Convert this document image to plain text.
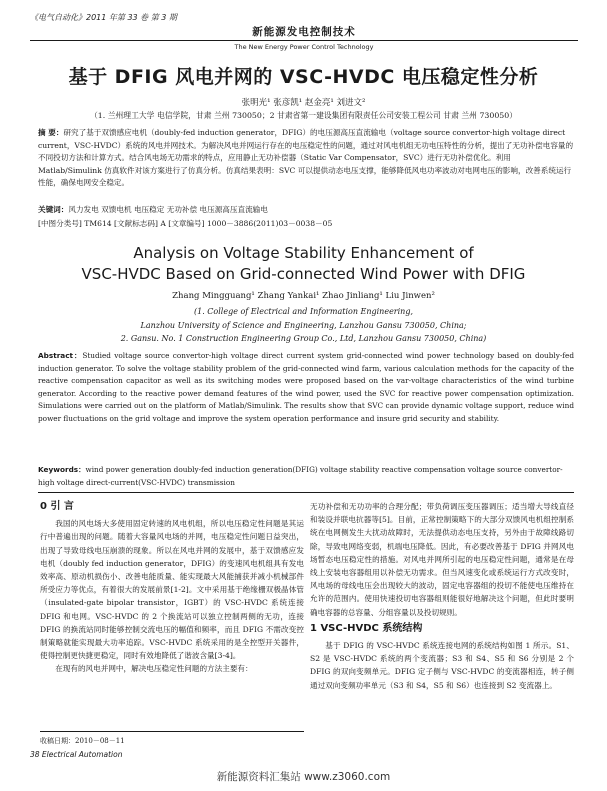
《电气自动化》2011 年第 33 卷 第 3 期
新能源发电控制技术
The New Energy Power Control Technology
基于 DFIG 风电并网的 VSC-HVDC 电压稳定性分析
张明光¹ 张彦凯¹ 赵金亮¹ 刘进文²
（1. 兰州理工大学 电信学院，甘肃 兰州 730050；2 甘肃省第一建设集团有限责任公司安装工程公司 甘肃 兰州 730050）
摘 要：研究了基于双馈感应电机（doubly-fed induction generator，DFIG）的电压源高压直流输电（voltage source convertor-high voltage direct current，VSC-HVDC）系统的风电并网技术。为解决风电并网运行存在的电压稳定性的问题，通过对风电机组无功电压特性的分析，提出了无功补偿电容量的不同投切方法和计算方式。结合风电场无功需求的特点，应用静止无功补偿器（Static Var Compensator，SVC）进行无功补偿优化。利用 Matlab/Simulink 仿真软件对该方案进行了仿真分析。仿真结果表明：SVC 可以提供动态电压支撑，能够降低风电功率波动对电网电压的影响，改善系统运行性能，确保电网安全稳定。
关键词：风力发电 双馈电机 电压稳定 无功补偿 电压源高压直流输电
[中图分类号] TM614 [文献标志码] A [文章编号] 1000－3886(2011)03－0038－05
Analysis on Voltage Stability Enhancement of
VSC-HVDC Based on Grid-connected Wind Power with DFIG
Zhang Mingguang¹ Zhang Yankai¹ Zhao Jinliang¹ Liu Jinwen²
(1. College of Electrical and Information Engineering,
Lanzhou University of Science and Engineering, Lanzhou Gansu 730050, China;
2. Gansu. No. 1 Construction Engineering Group Co., Ltd, Lanzhou Gansu 730050, China)
Abstract：Studied voltage source convertor-high voltage direct current system grid-connected wind power technology based on doubly-fed induction generator. To solve the voltage stability problem of the grid-connected wind farm, various calculation methods for the capacity of the reactive compensation capacitor as well as its switching modes were proposed based on the var-voltage characteristics of the wind turbine generator. According to the reactive power demand features of the wind power, used the SVC for reactive power compensation optimization. Simulations were carried out on the platform of Matlab/Simulink. The results show that SVC can provide dynamic voltage support, reduce wind power fluctuations on the grid voltage and improve the system operation performance and insure grid security and stability.
Keywords：wind power generation doubly-fed induction generation(DFIG) voltage stability reactive compensation voltage source convertor-high voltage direct-current(VSC-HVDC) transmission
0 引 言

我国的风电场大多使用固定转速的风电机组，所以电压稳定性问题是其运行中普遍出现的问题。随着大容量风电场的并网，电压稳定性问题日益突出，出现了导致母线电压崩溃的现象。所以在风电并网的发展中，基于双馈感应发电机（doubly fed induction generator，DFIG）的变速风电机组具有发电效率高、原动机损伤小、改善电能质量、能实现最大风能捕获并减小机械部件所受应力等优点，有着很大的发展前景[1-2]。文中采用基于绝缘栅双极晶体管（insulated-gate bipolar transistor，IGBT）的 VSC-HVDC 系统连接 DFIG 和电网。VSC-HVDC 的 2 个换流站可以独立控制两侧的无功，连接 DFIG 的换流站同时能够控制交流电压的幅值和频率，而且 DFIG 不需改变控制策略就能实现最大功率追踪。VSC-HVDC 系统采用的是全控型开关器件，使得控制更快捷更稳定，同时有效地降低了谐波含量[3-4]。

在现有的风电并网中，解决电压稳定性问题的方法主要有：

无功补偿和无功功率的合理分配；带负荷调压变压器调压；适当增大导线直径和装设并联电抗器等[5]。目前，正常控制策略下的大部分双馈风电机组控制系统在电网侧发生大扰动故障时，无法提供动态电压支持，另外由于故障线路切除，导致电网络变弱，机端电压降低。因此，有必要改善基于 DFIG 并网风电场暂态电压稳定性的措施。对风电并网所引起的电压稳定性问题，通常是在母线上安装电容器组用以补偿无功需求。但当风速变化或系统运行方式改变时，风电场的母线电压会出现较大的波动，固定电容器组的投切不能使电压维持在允许的范围内。使用快速投切电容器组则能很好地解决这个问题，但此时要明确电容器的总容量、分组容量以及投切规则。

1 VSC-HVDC 系统结构

基于 DFIG 的 VSC-HVDC 系统连接电网的系统结构如图 1 所示。S1、S2 是 VSC-HVDC 系统的两个变流器；S3 和 S4、S5 和 S6 分别是 2 个 DFIG 的双向变频单元。DFIG 定子侧与 VSC-HVDC 的变流器相连，转子侧通过双向变频功率单元（S3 和 S4，S5 和 S6）也连接到 S2 变流器上。

收稿日期：2010－08－11
38 Electrical Automation
新能源资料汇集站 www.z3060.com
